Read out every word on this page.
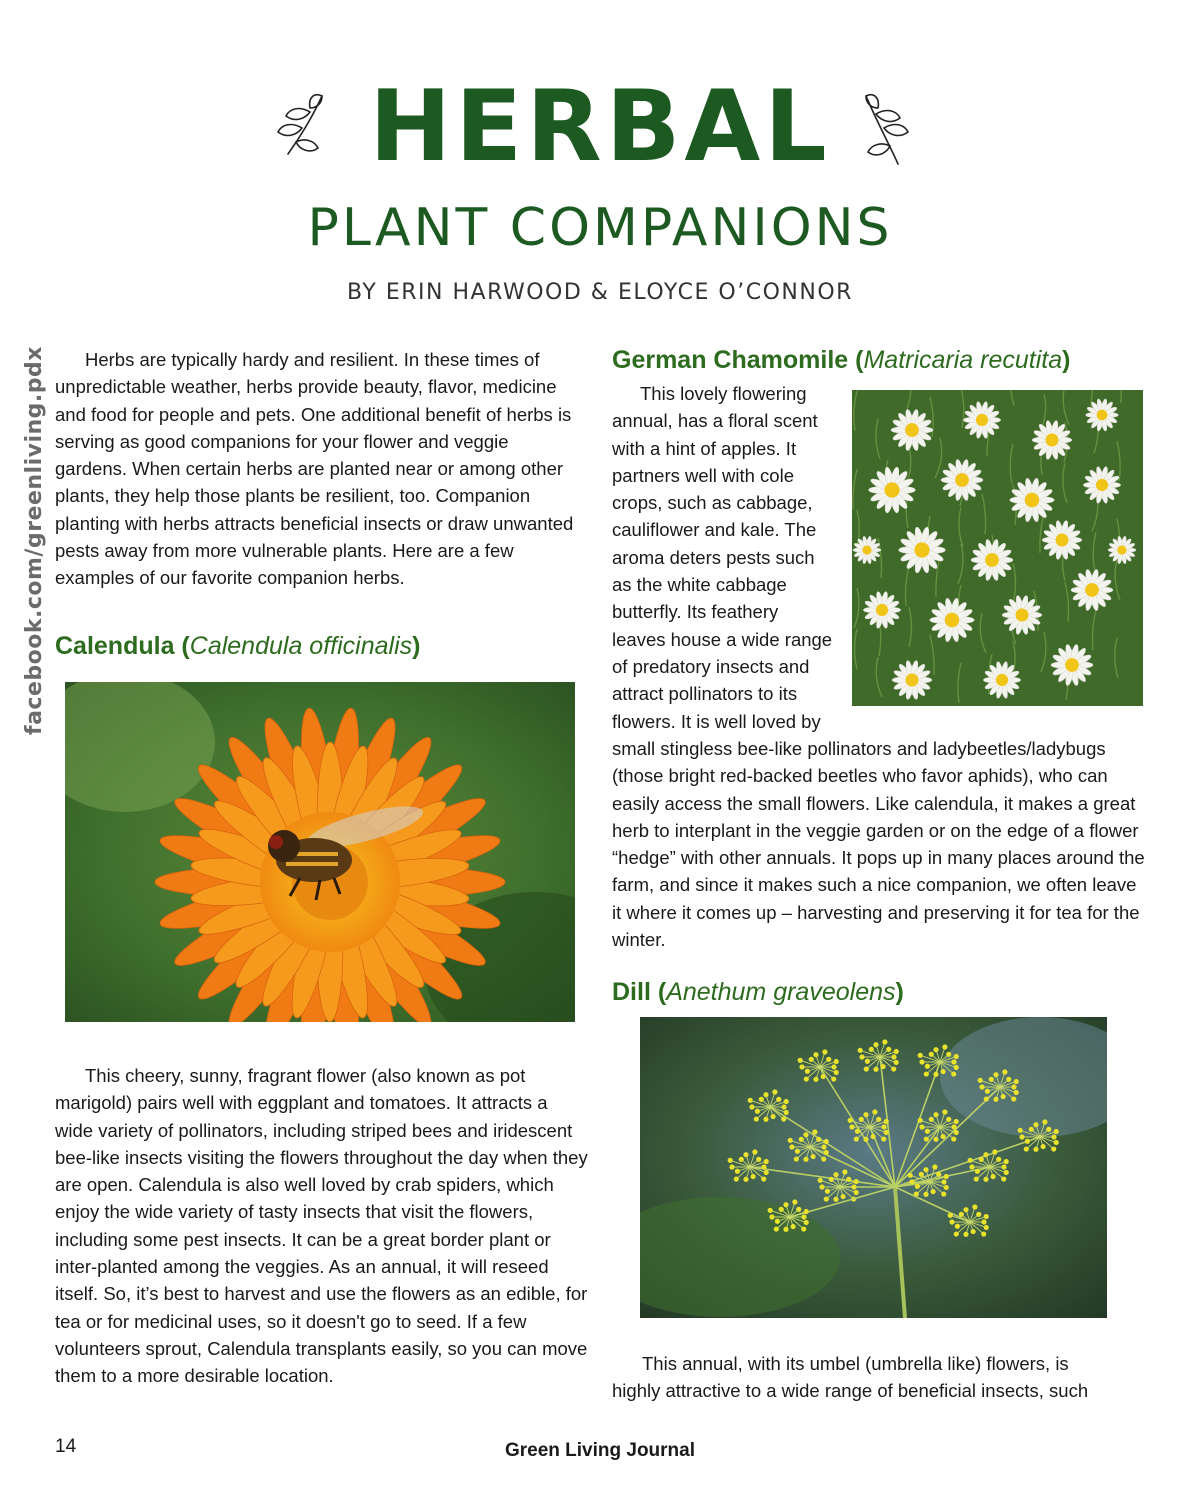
HERBAL
PLANT COMPANIONS
BY ERIN HARWOOD & ELOYCE O’CONNOR
facebook.com/greenliving.pdx	Herbs are typically hardy and resilient. In these times of unpredictable weather, herbs provide beauty, flavor, medicine and food for people and pets. One additional benefit of herbs is serving as good companions for your flower and veggie gardens. When certain herbs are planted near or among other plants, they help those plants be resilient, too. Companion planting with herbs attracts beneficial insects or draw unwanted pests away from more vulnerable plants. Here are a few examples of our favorite companion herbs.

Calendula (Calendula officinalis)

This cheery, sunny, fragrant flower (also known as pot marigold) pairs well with eggplant and tomatoes. It attracts a wide variety of pollinators, including striped bees and iridescent bee-like insects visiting the flowers throughout the day when they are open. Calendula is also well loved by crab spiders, which enjoy the wide variety of tasty insects that visit the flowers, including some pest insects. It can be a great border plant or inter-planted among the veggies. As an annual, it will reseed itself. So, it’s best to harvest and use the flowers as an edible, for tea or for medicinal uses, so it doesn't go to seed. If a few volunteers sprout, Calendula transplants easily, so you can move them to a more desirable location.

German Chamomile (Matricaria recutita)
This lovely flowering
annual, has a floral scent
with a hint of apples. It
partners well with cole
crops, such as cabbage,
cauliflower and kale. The
aroma deters pests such
as the white cabbage
butterfly. Its feathery
leaves house a wide range
of predatory insects and
attract pollinators to its
flowers. It is well loved by

small stingless bee-like pollinators and ladybeetles/ladybugs (those bright red-backed beetles who favor aphids), who can easily access the small flowers. Like calendula, it makes a great herb to interplant in the veggie garden or on the edge of a flower “hedge” with other annuals. It pops up in many places around the farm, and since it makes such a nice companion, we often leave it where it comes up – harvesting and preserving it for tea for the winter.

Dill (Anethum graveolens)

This annual, with its umbel (umbrella like) flowers, is highly attractive to a wide range of beneficial insects, such

14	Green Living Journal
